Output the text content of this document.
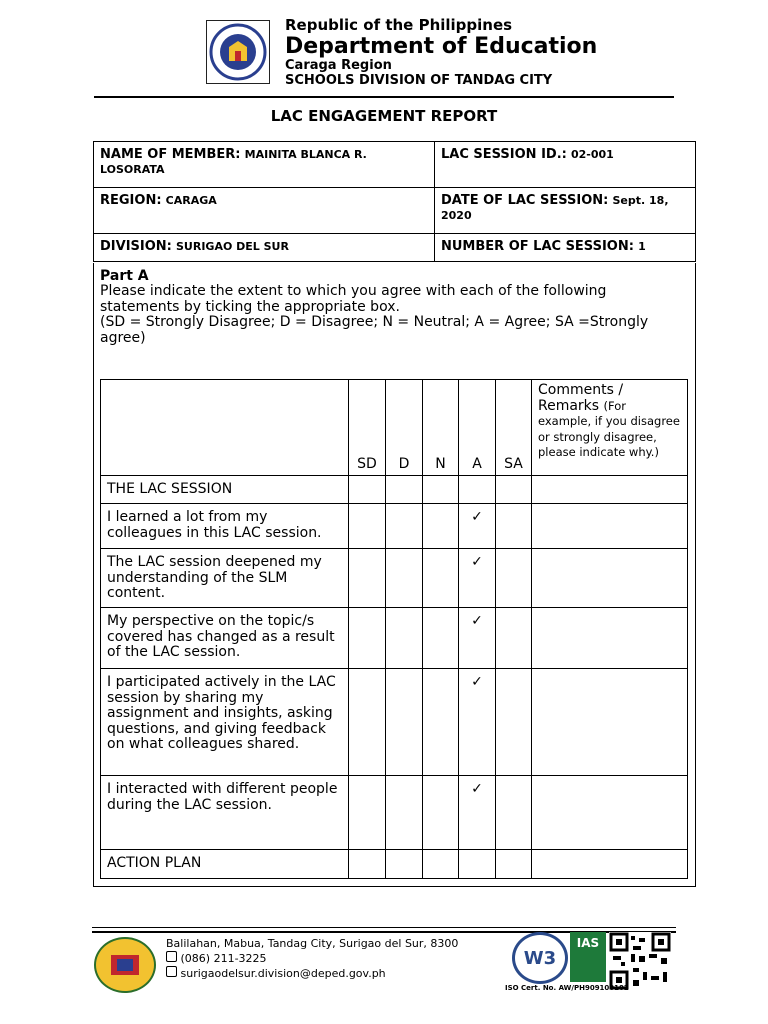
Republic of the Philippines
Department of Education
Caraga Region
SCHOOLS DIVISION OF TANDAG CITY
LAC ENGAGEMENT REPORT
NAME OF MEMBER: MAINITA BLANCA R. LOSORATA	LAC SESSION ID.: 02-001
REGION: CARAGA	DATE OF LAC SESSION: Sept. 18, 2020
DIVISION: SURIGAO DEL SUR	NUMBER OF LAC SESSION: 1
Part A
Please indicate the extent to which you agree with each of the following statements by ticking the appropriate box.
(SD = Strongly Disagree; D = Disagree; N = Neutral; A = Agree; SA =Strongly agree)
	SD	D	N	A	SA	Comments / Remarks (For example, if you disagree or strongly disagree, please indicate why.)
THE LAC SESSION						
I learned a lot from my colleagues in this LAC session.				✓		
The LAC session deepened my understanding of the SLM content.				✓		
My perspective on the topic/s covered has changed as a result of the LAC session.				✓		
I participated actively in the LAC session by sharing my assignment and insights, asking questions, and giving feedback on what colleagues shared.				✓		
I interacted with different people during the LAC session.				✓		
ACTION PLAN						
Balilahan, Mabua, Tandag City, Surigao del Sur, 8300
(086) 211-3225
surigaodelsur.division@deped.gov.ph
W3
IAS
ISO Cert. No. AW/PH909100102
